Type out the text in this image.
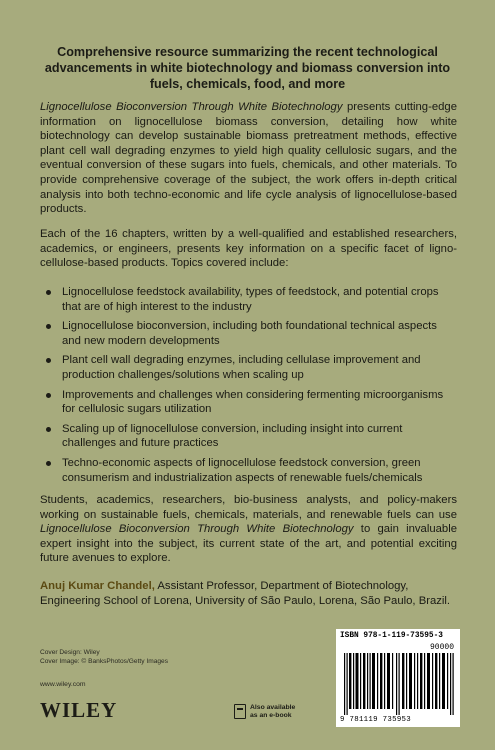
Comprehensive resource summarizing the recent technological advancements in white biotechnology and biomass conversion into fuels, chemicals, food, and more

Lignocellulose Bioconversion Through White Biotechnology presents cutting-edge information on lignocellulose biomass conversion, detailing how white biotechnology can develop sustainable biomass pretreatment methods, effective plant cell wall degrading enzymes to yield high quality cellulosic sugars, and the eventual conversion of these sugars into fuels, chemicals, and other materials. To provide comprehensive coverage of the subject, the work offers in-depth critical analysis into both techno-economic and life cycle analysis of lignocellulose-based products.

Each of the 16 chapters, written by a well-qualified and established researchers, academics, or engineers, presents key information on a specific facet of lignocellulose-based products. Topics covered include:

Lignocellulose feedstock availability, types of feedstock, and potential crops that are of high interest to the industry
Lignocellulose bioconversion, including both foundational technical aspects and new modern developments
Plant cell wall degrading enzymes, including cellulase improvement and production challenges/solutions when scaling up
Improvements and challenges when considering fermenting microorganisms for cellulosic sugars utilization
Scaling up of lignocellulose conversion, including insight into current challenges and future practices
Techno-economic aspects of lignocellulose feedstock conversion, green consumerism and industrialization aspects of renewable fuels/chemicals

Students, academics, researchers, bio-business analysts, and policy-makers working on sustainable fuels, chemicals, materials, and renewable fuels can use Lignocellulose Bioconversion Through White Biotechnology to gain invaluable expert insight into the subject, its current state of the art, and potential exciting future avenues to explore.

Anuj Kumar Chandel, Assistant Professor, Department of Biotechnology, Engineering School of Lorena, University of São Paulo, Lorena, São Paulo, Brazil.

Cover Design: Wiley
Cover Image: © BanksPhotos/Getty Images
www.wiley.com
WILEY	Also available
as an e-book
ISBN 978-1-119-73595-3
90000
9 781119 735953
